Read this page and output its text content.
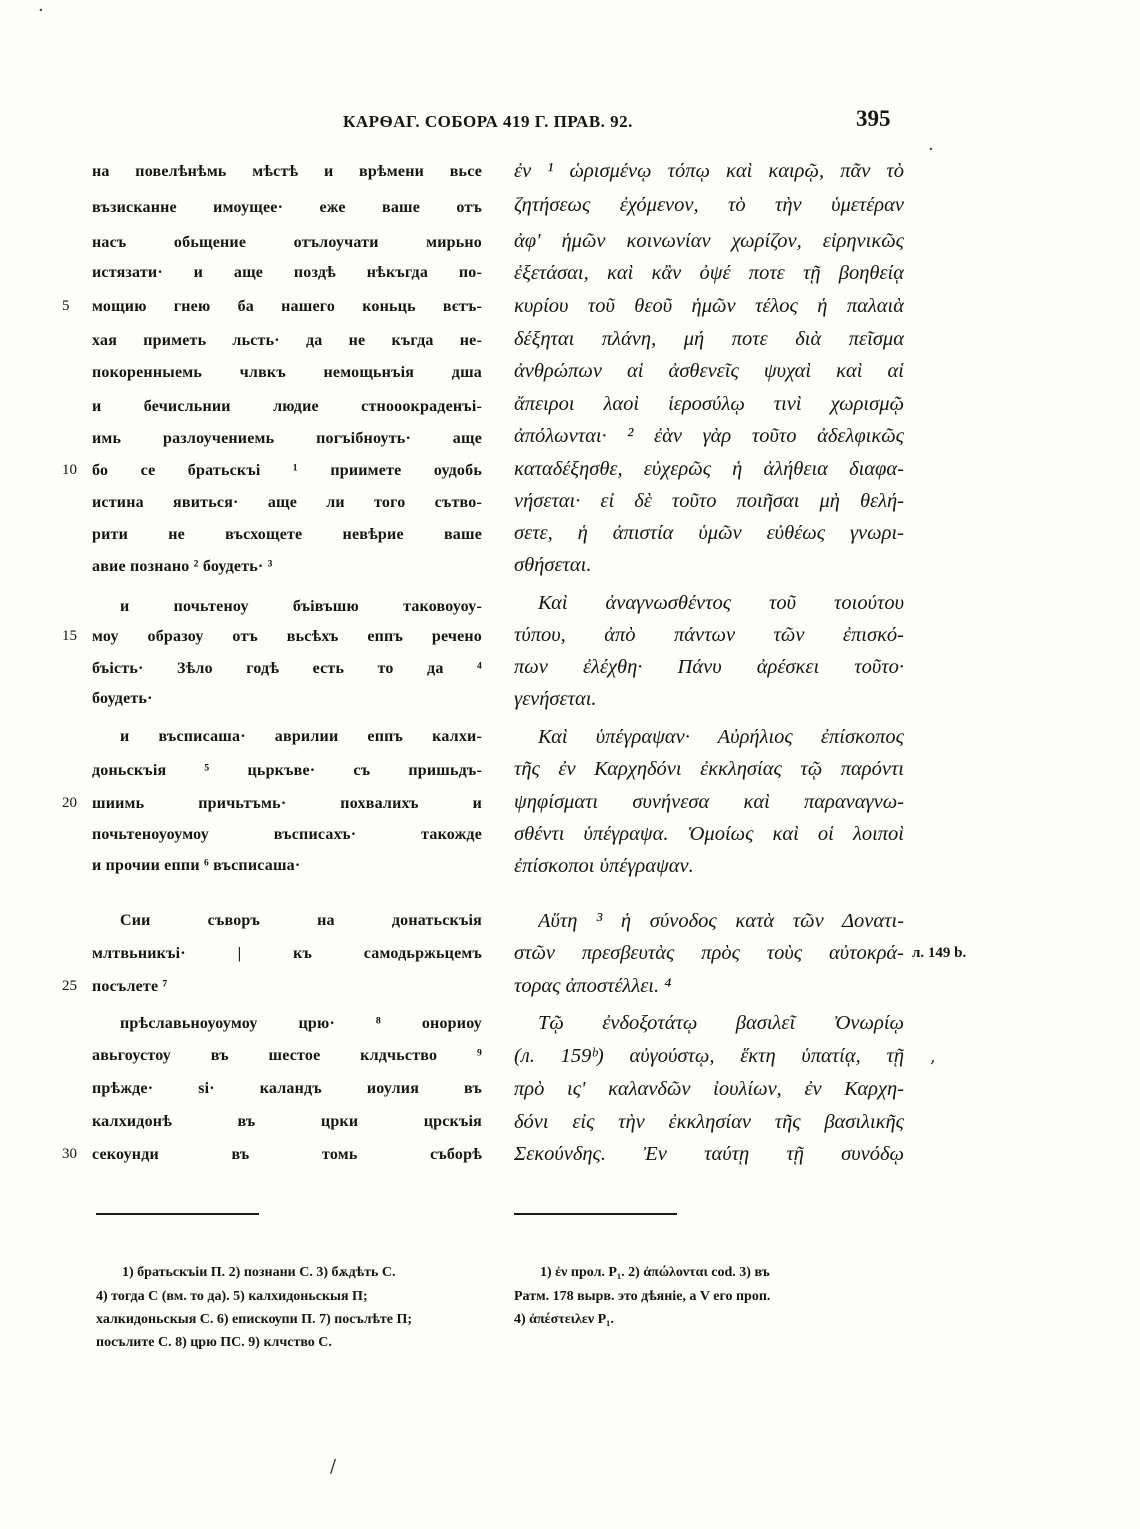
КАРѲАГ. СОБОРА 419 Г. ПРАВ. 92.	395
на повелѣнѣмь мѣстѣ и врѣмени вьсе
възисканне имоущее· еже ваше отъ
насъ обьщение отълоучати мирьно
истязати· и аще поздѣ нѣкъгда по-
5	мощию гнею ба нашего коньць вєтъ-
хая приметь льсть· да не къгда не-
покоренныемь члвкъ немощьнъія дша
и бечисльнии людие стнооокраденъі-
имь разлоучениемь погъібноуть· аще
10 бо се братьскъі ¹ приимете оудобь
истина явиться· аще ли того сътво-
рити не въсхощете невѣрие ваше
авие познано ² боудеть· ³
и почьтеноу бъівъшю таковоуоу-
15 моу образоу отъ вьсѣхъ еппъ речено
бъість· Зѣло годѣ есть то да ⁴
боудеть·
и въсписаша· аврилии еппъ калхи-
доньскъія ⁵ цьркъве· съ пришьдъ-
20 шиимь причьтъмь· похвалихъ и
почьтеноуоумоу въсписахъ· такожде
и прочии еппи ⁶ въсписаша·
Сии съворъ на донатьскъія
млтвьникъі· | къ самодьржьцемъ
25 посълете ⁷
прѣславьноуоумоу црю· ⁸ онориоу
авьгоустоу въ шестое клдчьство ⁹
прѣжде· ѕі· каландъ иоулия въ
калхидонѣ въ црки црскъія
30 секоунди въ томь съборѣ
ἐν ¹ ὡρισμένῳ τόπῳ καὶ καιρῷ, πᾶν τὸ
ζητήσεως ἐχόμενον, τὸ τὴν ὑμετέραν
ἀφ' ἡμῶν κοινωνίαν χωρίζον, εἰρηνικῶς
ἐξετάσαι, καὶ κἂν ὀψέ ποτε τῇ βοηθείᾳ
κυρίου τοῦ θεοῦ ἡμῶν τέλος ἡ παλαιὰ
δέξηται πλάνη, μή ποτε διὰ πεῖσμα
ἀνθρώπων αἱ ἀσθενεῖς ψυχαὶ καὶ αἱ
ἄπειροι λαοὶ ἱεροσύλῳ τινὶ χωρισμῷ
ἀπόλωνται· ² ἐὰν γὰρ τοῦτο ἀδελφικῶς
καταδέξησθε, εὐχερῶς ἡ ἀλήθεια διαφα-
νήσεται· εἰ δὲ τοῦτο ποιῆσαι μὴ θελή-
σετε, ἡ ἀπιστία ὑμῶν εὐθέως γνωρι-
σθήσεται.
Καὶ ἀναγνωσθέντος τοῦ τοιούτου
τύπου, ἀπὸ πάντων τῶν ἐπισκό-
πων ἐλέχθη· Πάνυ ἀρέσκει τοῦτο·
γενήσεται.
Καὶ ὑπέγραψαν· Αὐρήλιος ἐπίσκοπος
τῆς ἐν Καρχηδόνι ἐκκλησίας τῷ παρόντι
ψηφίσματι συνήνεσα καὶ παραναγνω-
σθέντι ὑπέγραψα. Ὁμοίως καὶ οἱ λοιποὶ
ἐπίσκοποι ὑπέγραψαν.
Αὕτη ³ ἡ σύνοδος κατὰ τῶν Δονατι-
στῶν πρεσβευτὰς πρὸς τοὺς αὐτοκρά-
τορας ἀποστέλλει. ⁴
Τῷ ἐνδοξοτάτῳ βασιλεῖ Ὀνωρίῳ
(л. 159ᵇ) αὐγούστῳ, ἕκτη ὑπατίᾳ, τῇ
πρὸ ις' καλανδῶν ἰουλίων, ἐν Καρχη-
δόνι εἰς τὴν ἐκκλησίαν τῆς βασιλικῆς
Σεκούνδης. Ἐν ταύτῃ τῇ συνόδῳ
л. 149 b.
1) братьскъіи П. 2) познани С. 3) бѫдѣть С.
4) тогда С (вм. то да). 5) калхидоньскыя П;
халкидоньскыя С. 6) епискѹпи П. 7) посълѣте П;
посълите С. 8) црю ПС. 9) клчство С.
1) ἐν прол. P₁. 2) ἀπώλονται cod. 3) въ
Ратм. 178 вырв. это дѣяніе, а V его проп.
4) ἀπέστειλεν P₁.
·
·
,
/
